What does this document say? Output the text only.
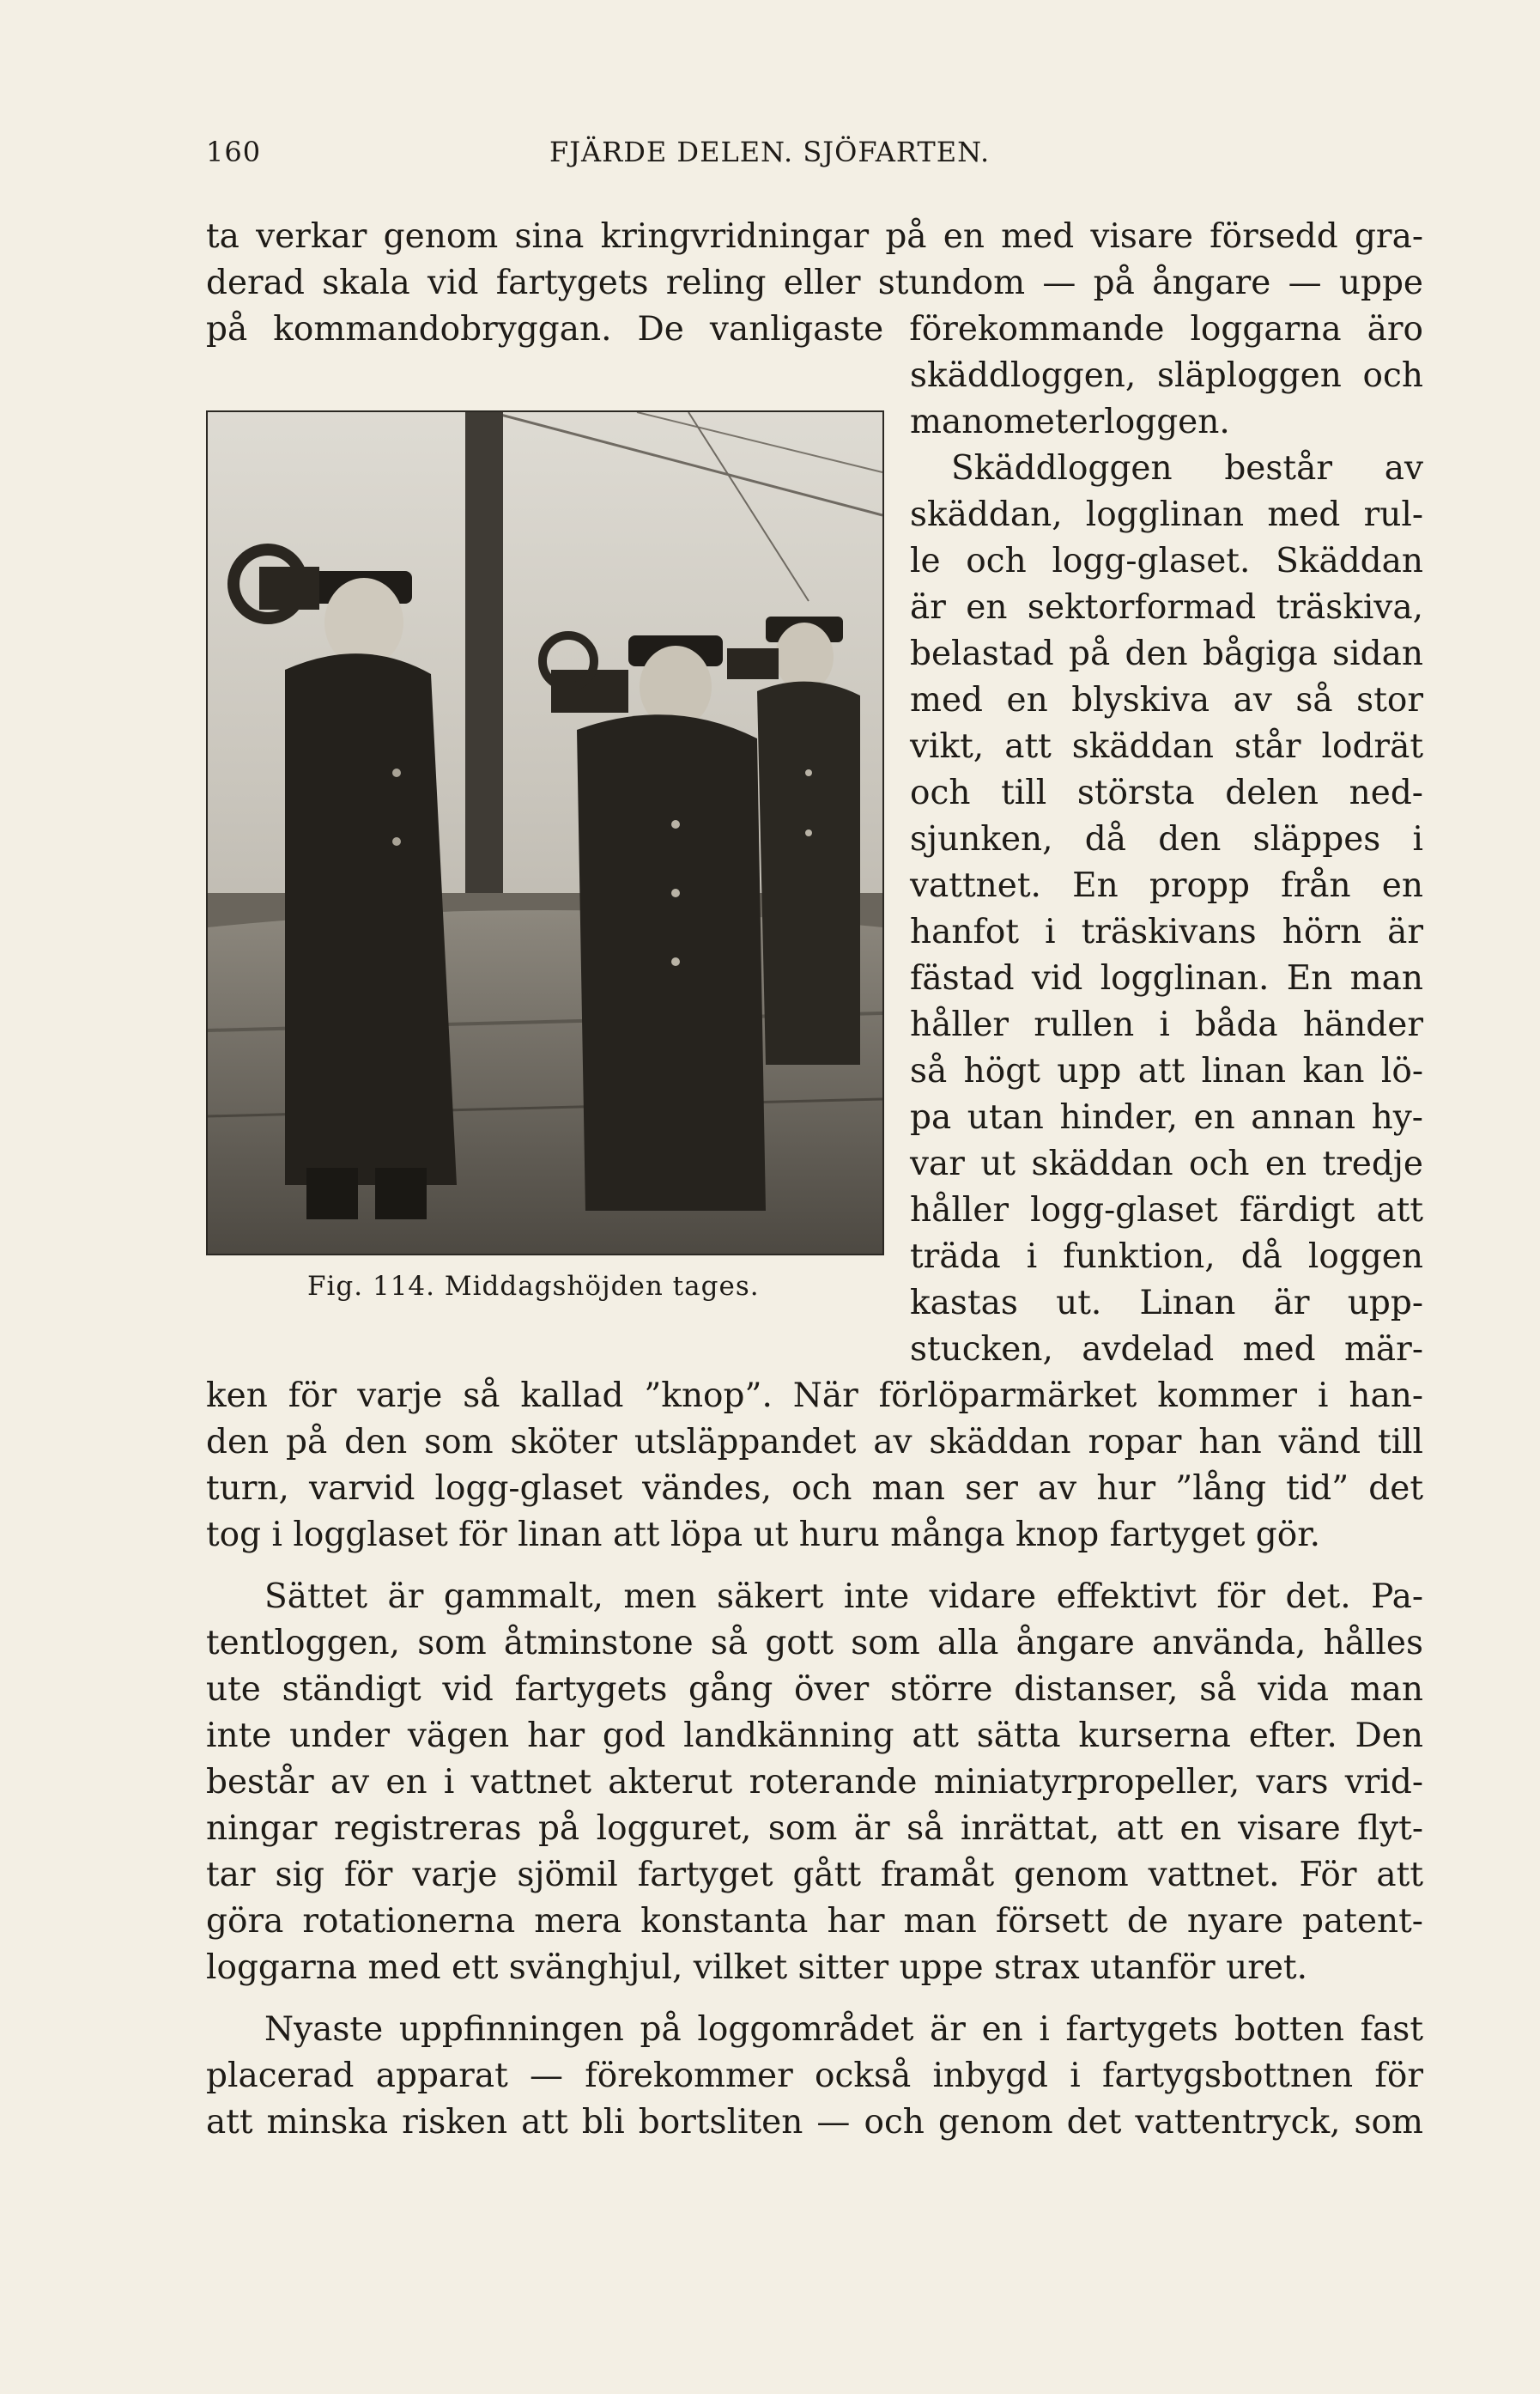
160	FJÄRDE DELEN. SJÖFARTEN.
ta verkar genom sina kringvridningar på en med visare försedd gra-
derad skala vid fartygets reling eller stundom — på ångare — uppe
på kommandobryggan. De vanligaste förekommande loggarna äro
skäddloggen, släploggen och
manometerloggen.
Skäddloggen består av
skäddan, logglinan med rul-
le och logg-glaset. Skäddan
är en sektorformad träskiva,
belastad på den bågiga sidan
med en blyskiva av så stor
vikt, att skäddan står lodrät
och till största delen ned-
sjunken, då den släppes i
vattnet. En propp från en
hanfot i träskivans hörn är
fästad vid logglinan. En man
håller rullen i båda händer
så högt upp att linan kan lö-
pa utan hinder, en annan hy-
var ut skäddan och en tredje
håller logg-glaset färdigt att
träda i funktion, då loggen
kastas ut. Linan är upp-
stucken, avdelad med mär-
ken för varje så kallad ”knop”. När förlöparmärket kommer i han-
den på den som sköter utsläppandet av skäddan ropar han vänd till
turn, varvid logg-glaset vändes, och man ser av hur ”lång tid” det
tog i logglaset för linan att löpa ut huru många knop fartyget gör.
Sättet är gammalt, men säkert inte vidare effektivt för det. Pa-
tentloggen, som åtminstone så gott som alla ångare använda, hålles
ute ständigt vid fartygets gång över större distanser, så vida man
inte under vägen har god landkänning att sätta kurserna efter. Den
består av en i vattnet akterut roterande miniatyrpropeller, vars vrid-
ningar registreras på logguret, som är så inrättat, att en visare flyt-
tar sig för varje sjömil fartyget gått framåt genom vattnet. För att
göra rotationerna mera konstanta har man försett de nyare patent-
loggarna med ett svänghjul, vilket sitter uppe strax utanför uret.
Nyaste uppfinningen på loggområdet är en i fartygets botten fast
placerad apparat — förekommer också inbygd i fartygsbottnen för
att minska risken att bli bortsliten — och genom det vattentryck, som
Fig. 114. Middagshöjden tages.
